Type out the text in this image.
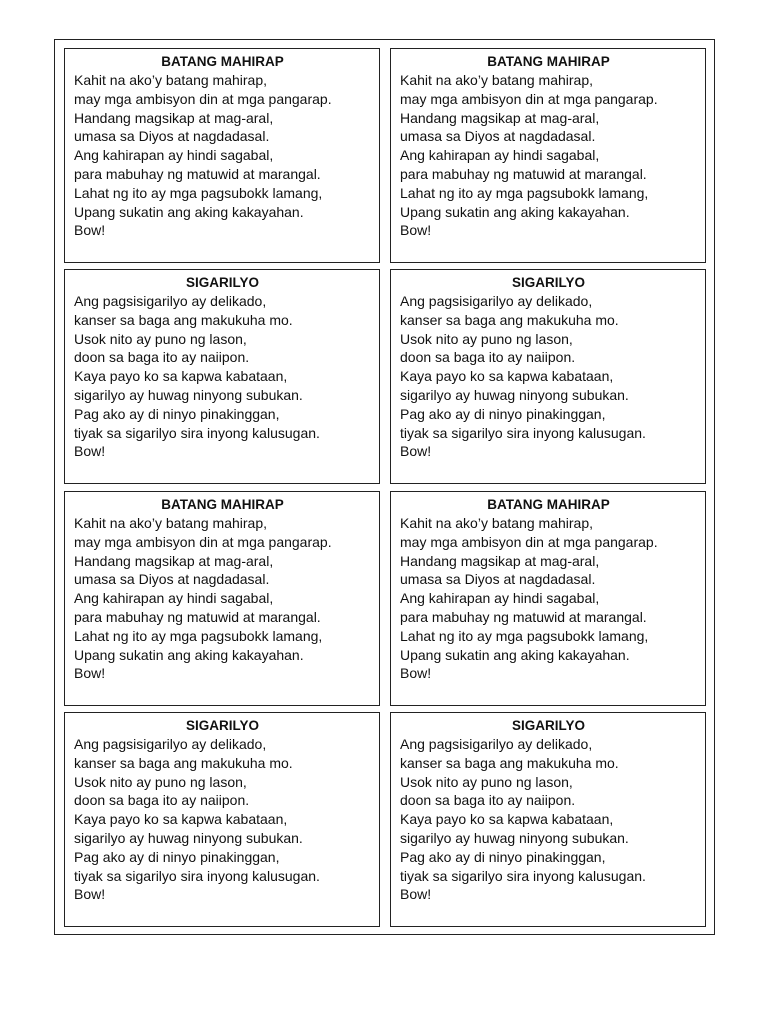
BATANG MAHIRAP
Kahit na ako’y batang mahirap,
may mga ambisyon din at mga pangarap.
Handang magsikap at mag-aral,
umasa sa Diyos at nagdadasal.
Ang kahirapan ay hindi sagabal,
para mabuhay ng matuwid at marangal.
Lahat ng ito ay mga pagsubokk lamang,
Upang sukatin ang aking kakayahan.
Bow!
BATANG MAHIRAP
Kahit na ako’y batang mahirap,
may mga ambisyon din at mga pangarap.
Handang magsikap at mag-aral,
umasa sa Diyos at nagdadasal.
Ang kahirapan ay hindi sagabal,
para mabuhay ng matuwid at marangal.
Lahat ng ito ay mga pagsubokk lamang,
Upang sukatin ang aking kakayahan.
Bow!
SIGARILYO
Ang pagsisigarilyo ay delikado,
kanser sa baga ang makukuha mo.
Usok nito ay puno ng lason,
doon sa baga ito ay naiipon.
Kaya payo ko sa kapwa kabataan,
sigarilyo ay huwag ninyong subukan.
Pag ako ay di ninyo pinakinggan,
tiyak sa sigarilyo sira inyong kalusugan.
Bow!
SIGARILYO
Ang pagsisigarilyo ay delikado,
kanser sa baga ang makukuha mo.
Usok nito ay puno ng lason,
doon sa baga ito ay naiipon.
Kaya payo ko sa kapwa kabataan,
sigarilyo ay huwag ninyong subukan.
Pag ako ay di ninyo pinakinggan,
tiyak sa sigarilyo sira inyong kalusugan.
Bow!
BATANG MAHIRAP
Kahit na ako’y batang mahirap,
may mga ambisyon din at mga pangarap.
Handang magsikap at mag-aral,
umasa sa Diyos at nagdadasal.
Ang kahirapan ay hindi sagabal,
para mabuhay ng matuwid at marangal.
Lahat ng ito ay mga pagsubokk lamang,
Upang sukatin ang aking kakayahan.
Bow!
BATANG MAHIRAP
Kahit na ako’y batang mahirap,
may mga ambisyon din at mga pangarap.
Handang magsikap at mag-aral,
umasa sa Diyos at nagdadasal.
Ang kahirapan ay hindi sagabal,
para mabuhay ng matuwid at marangal.
Lahat ng ito ay mga pagsubokk lamang,
Upang sukatin ang aking kakayahan.
Bow!
SIGARILYO
Ang pagsisigarilyo ay delikado,
kanser sa baga ang makukuha mo.
Usok nito ay puno ng lason,
doon sa baga ito ay naiipon.
Kaya payo ko sa kapwa kabataan,
sigarilyo ay huwag ninyong subukan.
Pag ako ay di ninyo pinakinggan,
tiyak sa sigarilyo sira inyong kalusugan.
Bow!
SIGARILYO
Ang pagsisigarilyo ay delikado,
kanser sa baga ang makukuha mo.
Usok nito ay puno ng lason,
doon sa baga ito ay naiipon.
Kaya payo ko sa kapwa kabataan,
sigarilyo ay huwag ninyong subukan.
Pag ako ay di ninyo pinakinggan,
tiyak sa sigarilyo sira inyong kalusugan.
Bow!
